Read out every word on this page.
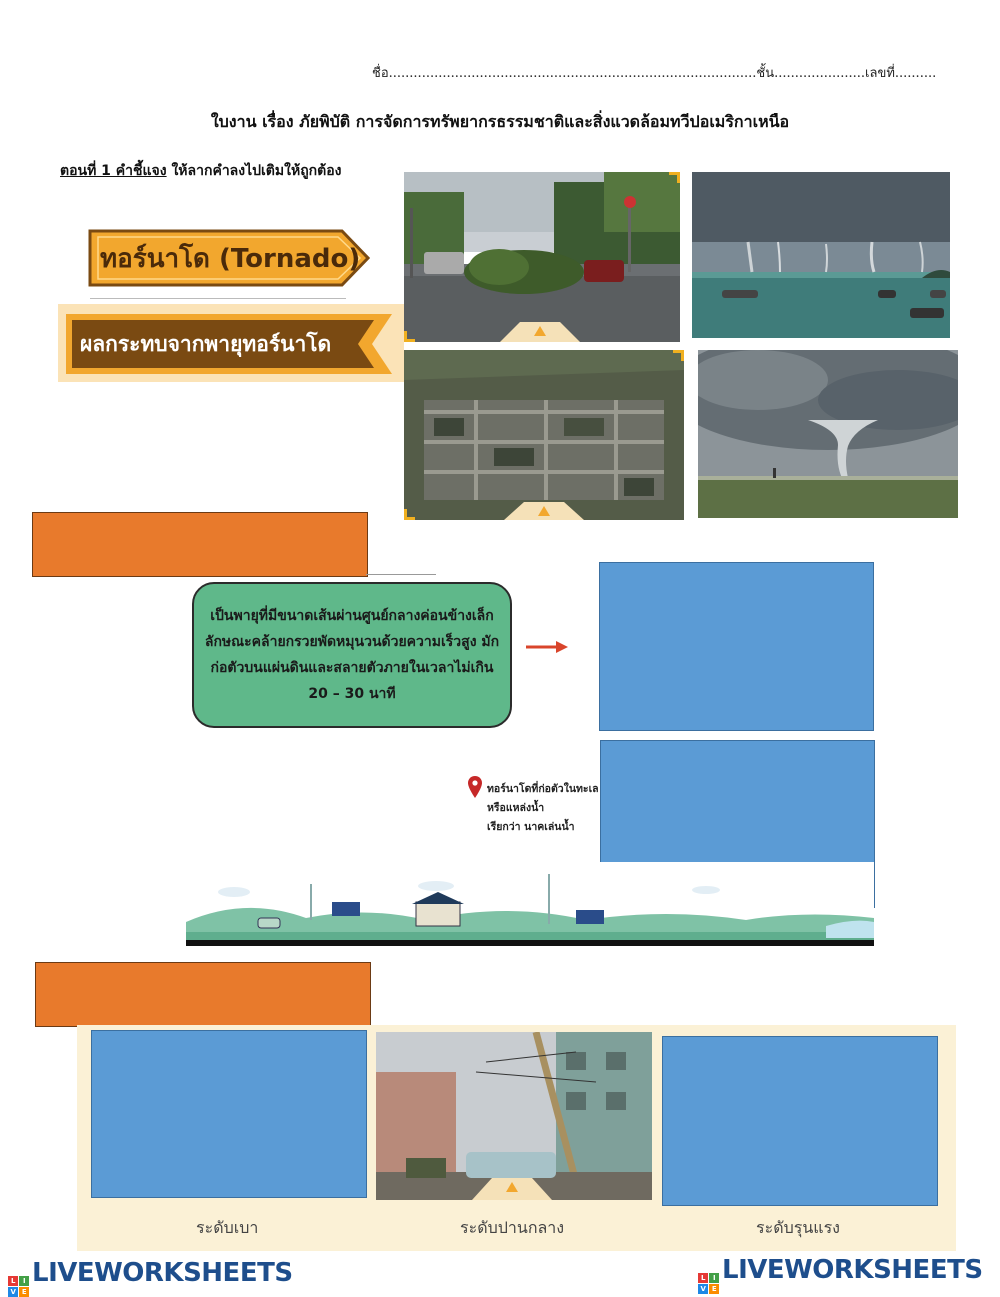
ชื่อ.........................................................................................ชั้น......................เลขที่..........
ใบงาน เรื่อง ภัยพิบัติ การจัดการทรัพยากรธรรมชาติและสิ่งแวดล้อมทวีปอเมริกาเหนือ
ตอนที่ 1 คำชี้แจง ให้ลากคำลงไปเติมให้ถูกต้อง
ทอร์นาโด (Tornado)
ผลกระทบจากพายุทอร์นาโด
เป็นพายุที่มีขนาดเส้นผ่านศูนย์กลางค่อนข้างเล็ก ลักษณะคล้ายกรวยพัดหมุนวนด้วยความเร็วสูง มักก่อตัวบนแผ่นดินและสลายตัวภายในเวลาไม่เกิน 20 – 30 นาที
ทอร์นาโดที่ก่อตัวในทะเล
หรือแหล่งน้ำ
เรียกว่า นาคเล่นน้ำ
ระดับเบา	ระดับปานกลาง	ระดับรุนแรง
L	I
V E
LIVEWORKSHEETS	L	I
V E
LIVEWORKSHEETS
